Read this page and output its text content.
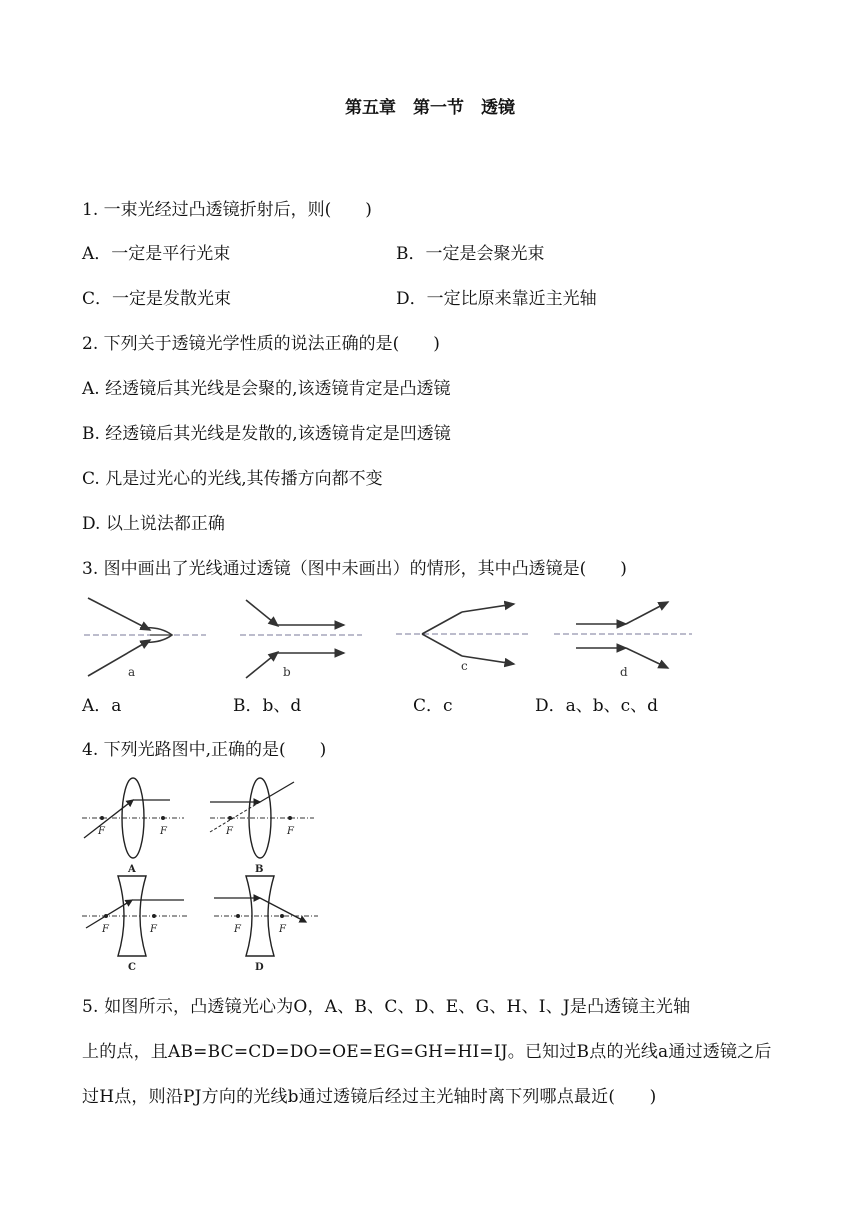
第五章　第一节　透镜
1. 一束光经过凸透镜折射后，则(　　)
A．一定是平行光束	B．一定是会聚光束
C．一定是发散光束	D．一定比原来靠近主光轴
2. 下列关于透镜光学性质的说法正确的是(　　)
A. 经透镜后其光线是会聚的,该透镜肯定是凸透镜
B. 经透镜后其光线是发散的,该透镜肯定是凹透镜
C. 凡是过光心的光线,其传播方向都不变
D. 以上说法都正确
3. 图中画出了光线通过透镜（图中未画出）的情形，其中凸透镜是(　　)
a	b	c	d
A．a	B．b、d	C．c	D．a、b、c、d
4. 下列光路图中,正确的是(　　)
F	F
A
F	F
B
F	F
C
F	F
D
5. 如图所示，凸透镜光心为O，A、B、C、D、E、G、H、I、J是凸透镜主光轴
上的点，且AB=BC=CD=DO=OE=EG=GH=HI=IJ。已知过B点的光线a通过透镜之后
过H点，则沿PJ方向的光线b通过透镜后经过主光轴时离下列哪点最近(　　)
